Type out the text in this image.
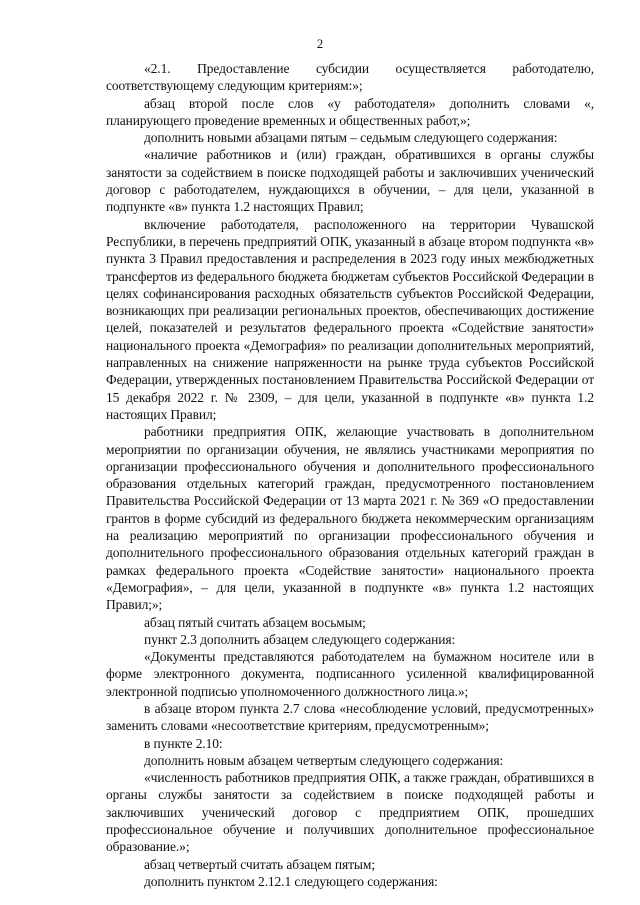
2

«2.1. Предоставление субсидии осуществляется работодателю, соответствующему следующим критериям:»;

абзац второй после слов «у работодателя» дополнить словами «, планирующего проведение временных и общественных работ,»;

дополнить новыми абзацами пятым – седьмым следующего содержания:

«наличие работников и (или) граждан, обратившихся в органы службы занятости за содействием в поиске подходящей работы и заключивших ученический договор с работодателем, нуждающихся в обучении, – для цели, указанной в подпункте «в» пункта 1.2 настоящих Правил;

включение работодателя, расположенного на территории Чувашской Республики, в перечень предприятий ОПК, указанный в абзаце втором подпункта «в» пункта 3 Правил предоставления и распределения в 2023 году иных межбюджетных трансфертов из федерального бюджета бюджетам субъектов Российской Федерации в целях софинансирования расходных обязательств субъектов Российской Федерации, возникающих при реализации региональных проектов, обеспечивающих достижение целей, показателей и результатов федерального проекта «Содействие занятости» национального проекта «Демография» по реализации дополнительных мероприятий, направленных на снижение напряженности на рынке труда субъектов Российской Федерации, утвержденных постановлением Правительства Российской Федерации от 15 декабря 2022 г. № 2309, – для цели, указанной в подпункте «в» пункта 1.2 настоящих Правил;

работники предприятия ОПК, желающие участвовать в дополнительном мероприятии по организации обучения, не являлись участниками мероприятия по организации профессионального обучения и дополнительного профессионального образования отдельных категорий граждан, предусмотренного постановлением Правительства Российской Федерации от 13 марта 2021 г. № 369 «О предоставлении грантов в форме субсидий из федерального бюджета некоммерческим организациям на реализацию мероприятий по организации профессионального обучения и дополнительного профессионального образования отдельных категорий граждан в рамках федерального проекта «Содействие занятости» национального проекта «Демография», – для цели, указанной в подпункте «в» пункта 1.2 настоящих Правил;»;

абзац пятый считать абзацем восьмым;

пункт 2.3 дополнить абзацем следующего содержания:

«Документы представляются работодателем на бумажном носителе или в форме электронного документа, подписанного усиленной квалифицированной электронной подписью уполномоченного должностного лица.»;

в абзаце втором пункта 2.7 слова «несоблюдение условий, предусмотренных» заменить словами «несоответствие критериям, предусмотренным»;

в пункте 2.10:

дополнить новым абзацем четвертым следующего содержания:

«численность работников предприятия ОПК, а также граждан, обратившихся в органы службы занятости за содействием в поиске подходящей работы и заключивших ученический договор с предприятием ОПК, прошедших профессиональное обучение и получивших дополнительное профессиональное образование.»;

абзац четвертый считать абзацем пятым;

дополнить пунктом 2.12.1 следующего содержания:
